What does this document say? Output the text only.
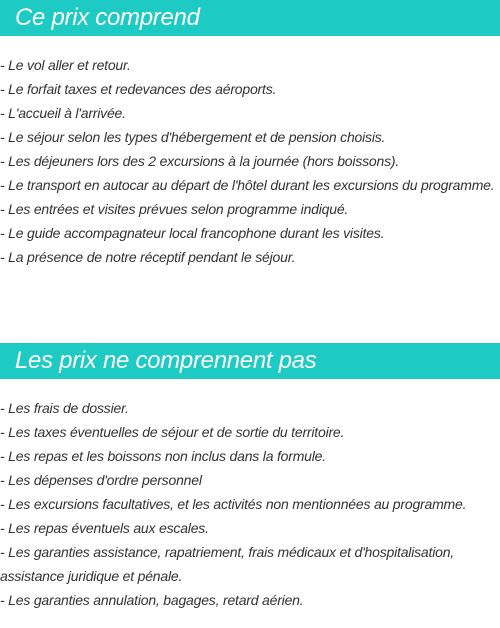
Ce prix comprend
- Le vol aller et retour.
- Le forfait taxes et redevances des aéroports.
- L'accueil à l'arrivée.
- Le séjour selon les types d'hébergement et de pension choisis.
- Les déjeuners lors des 2 excursions à la journée (hors boissons).
- Le transport en autocar au départ de l'hôtel durant les excursions du programme.
- Les entrées et visites prévues selon programme indiqué.
- Le guide accompagnateur local francophone durant les visites.
- La présence de notre réceptif pendant le séjour.
Les prix ne comprennent pas
- Les frais de dossier.
- Les taxes éventuelles de séjour et de sortie du territoire.
- Les repas et les boissons non inclus dans la formule.
- Les dépenses d'ordre personnel
- Les excursions facultatives, et les activités non mentionnées au programme.
- Les repas éventuels aux escales.
- Les garanties assistance, rapatriement, frais médicaux et d'hospitalisation, assistance juridique et pénale.
- Les garanties annulation, bagages, retard aérien.
